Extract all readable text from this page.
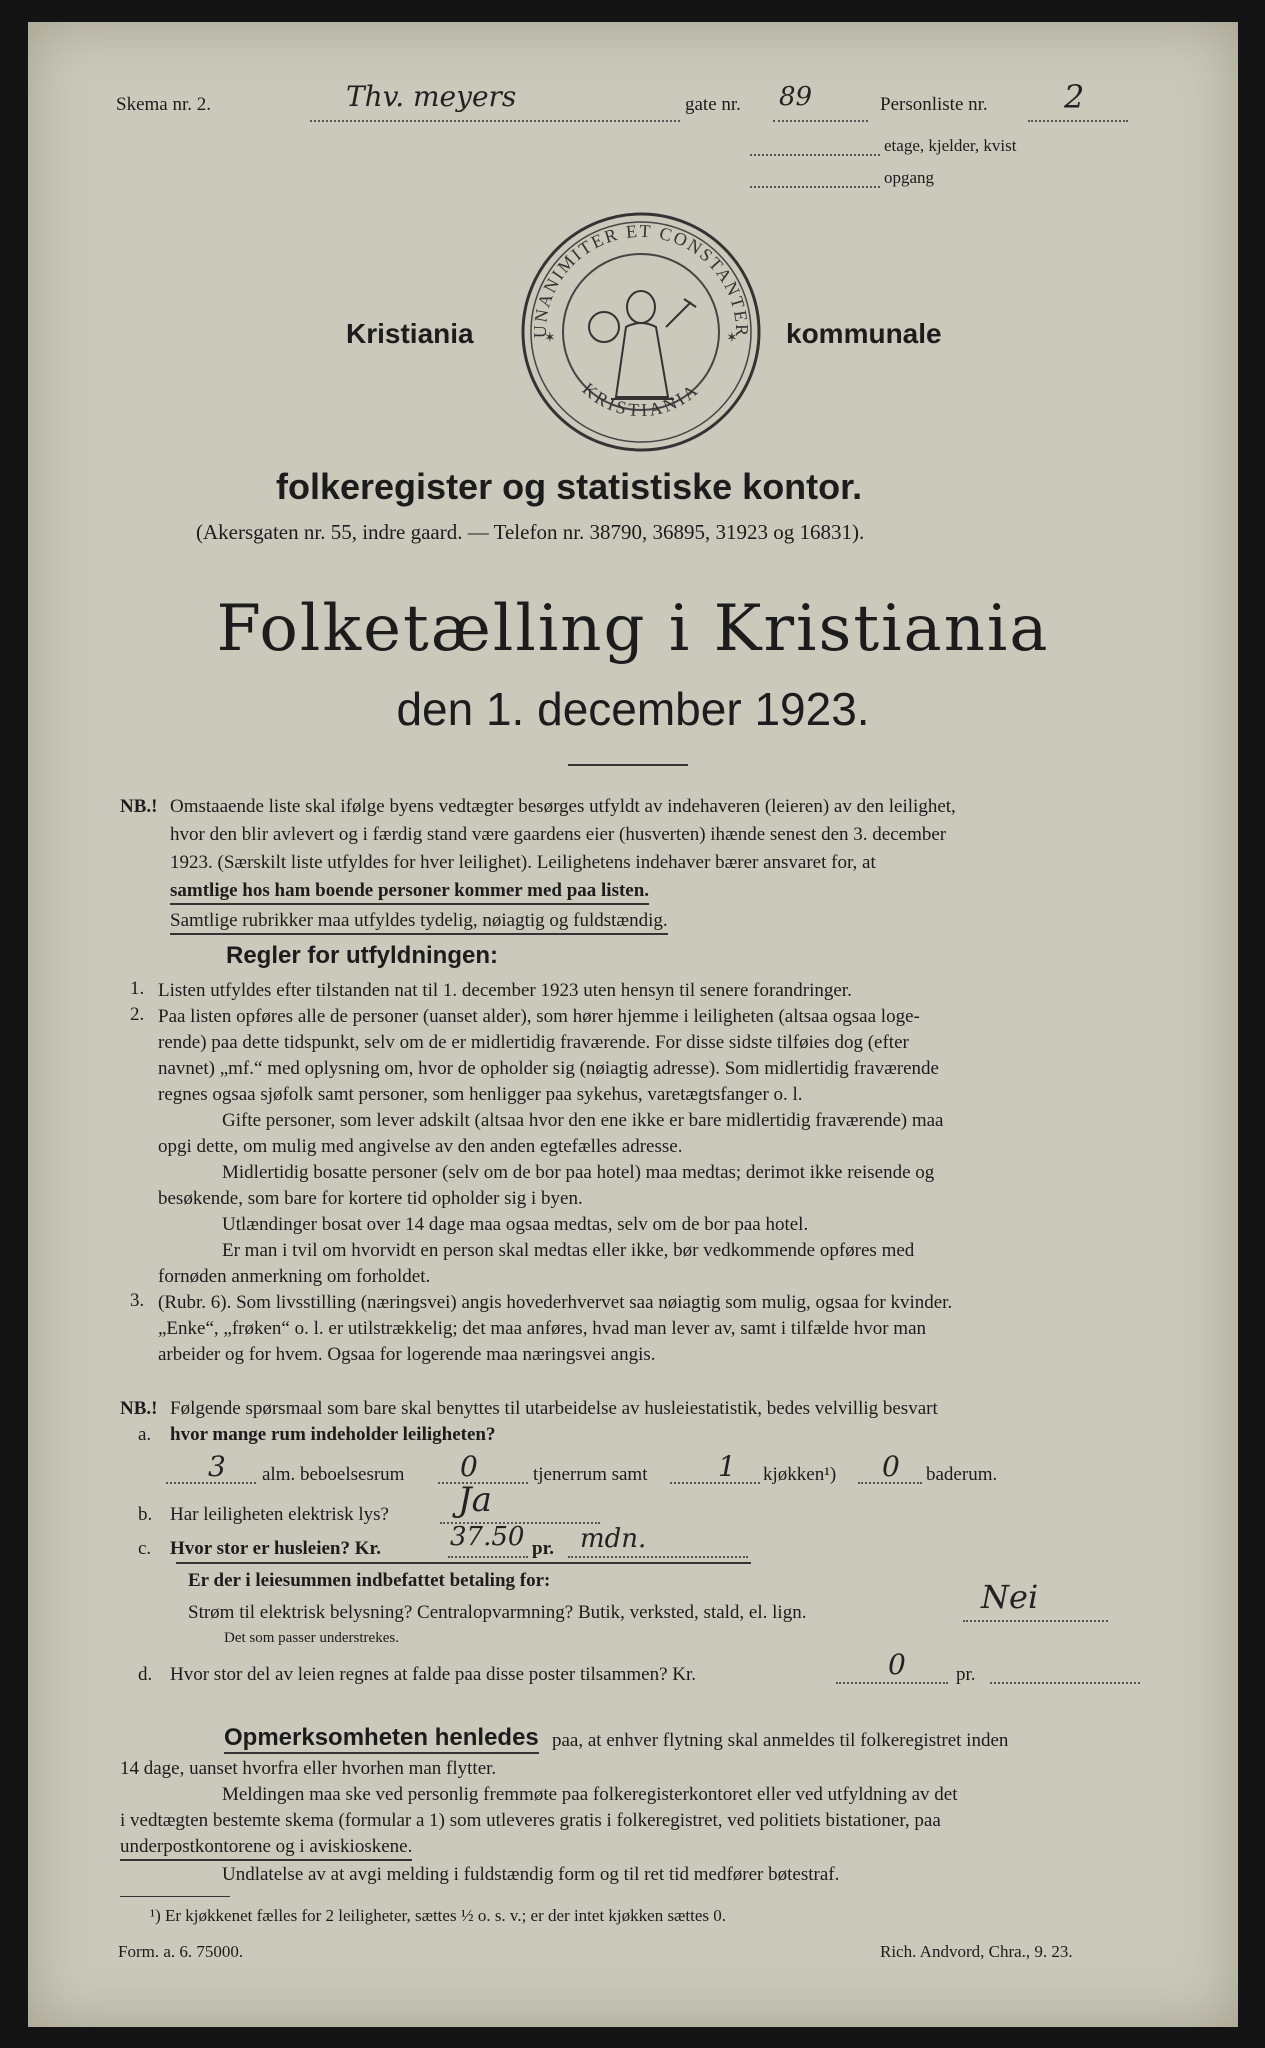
Skema nr. 2.	Thv. meyers	gate nr. 89	Personliste nr. 2
etage, kjelder, kvist
opgang
Kristiania	UNANIMITER ET CONSTANTER
KRISTIANIA
✶	✶ kommunale
folkeregister og statistiske kontor.
(Akersgaten nr. 55, indre gaard. — Telefon nr. 38790, 36895, 31923 og 16831).
Folketælling i Kristiania
den 1. december 1923.
NB.! Omstaaende liste skal ifølge byens vedtægter besørges utfyldt av indehaveren (leieren) av den leilighet,
hvor den blir avlevert og i færdig stand være gaardens eier (husverten) ihænde senest den 3. december
1923. (Særskilt liste utfyldes for hver leilighet). Leilighetens indehaver bærer ansvaret for, at
samtlige hos ham boende personer kommer med paa listen.
Samtlige rubrikker maa utfyldes tydelig, nøiagtig og fuldstændig.
Regler for utfyldningen:
1. Listen utfyldes efter tilstanden nat til 1. december 1923 uten hensyn til senere forandringer.
2. Paa listen opføres alle de personer (uanset alder), som hører hjemme i leiligheten (altsaa ogsaa loge-
rende) paa dette tidspunkt, selv om de er midlertidig fraværende. For disse sidste tilføies dog (efter
navnet) „mf.“ med oplysning om, hvor de opholder sig (nøiagtig adresse). Som midlertidig fraværende
regnes ogsaa sjøfolk samt personer, som henligger paa sykehus, varetægtsfanger o. l.
Gifte personer, som lever adskilt (altsaa hvor den ene ikke er bare midlertidig fraværende) maa
opgi dette, om mulig med angivelse av den anden egtefælles adresse.
Midlertidig bosatte personer (selv om de bor paa hotel) maa medtas; derimot ikke reisende og
besøkende, som bare for kortere tid opholder sig i byen.
Utlændinger bosat over 14 dage maa ogsaa medtas, selv om de bor paa hotel.
Er man i tvil om hvorvidt en person skal medtas eller ikke, bør vedkommende opføres med
fornøden anmerkning om forholdet.
3. (Rubr. 6). Som livsstilling (næringsvei) angis hovederhvervet saa nøiagtig som mulig, ogsaa for kvinder.
„Enke“, „frøken“ o. l. er utilstrækkelig; det maa anføres, hvad man lever av, samt i tilfælde hvor man
arbeider og for hvem. Ogsaa for logerende maa næringsvei angis.
NB.! Følgende spørsmaal som bare skal benyttes til utarbeidelse av husleiestatistik, bedes velvillig besvart
a. hvor mange rum indeholder leiligheten?
3 alm. beboelsesrum 0	tjenerrum samt	1 kjøkken¹) 0 baderum.
b. Har leiligheten elektrisk lys? Ja
c. Hvor stor er husleien? Kr.	37.50 pr. mdn.
Er der i leiesummen indbefattet betaling for:
Strøm til elektrisk belysning? Centralopvarmning? Butik, verksted, stald, el. lign.	Nei
Det som passer understrekes.
d. Hvor stor del av leien regnes at falde paa disse poster tilsammen? Kr.	0	pr.
Opmerksomheten henledes paa, at enhver flytning skal anmeldes til folkeregistret inden
14 dage, uanset hvorfra eller hvorhen man flytter.
Meldingen maa ske ved personlig fremmøte paa folkeregisterkontoret eller ved utfyldning av det
i vedtægten bestemte skema (formular a 1) som utleveres gratis i folkeregistret, ved politiets bistationer, paa
underpostkontorene og i aviskioskene.
Undlatelse av at avgi melding i fuldstændig form og til ret tid medfører bøtestraf.
¹) Er kjøkkenet fælles for 2 leiligheter, sættes ½ o. s. v.; er der intet kjøkken sættes 0.
Form. a. 6. 75000.	Rich. Andvord, Chra., 9. 23.
